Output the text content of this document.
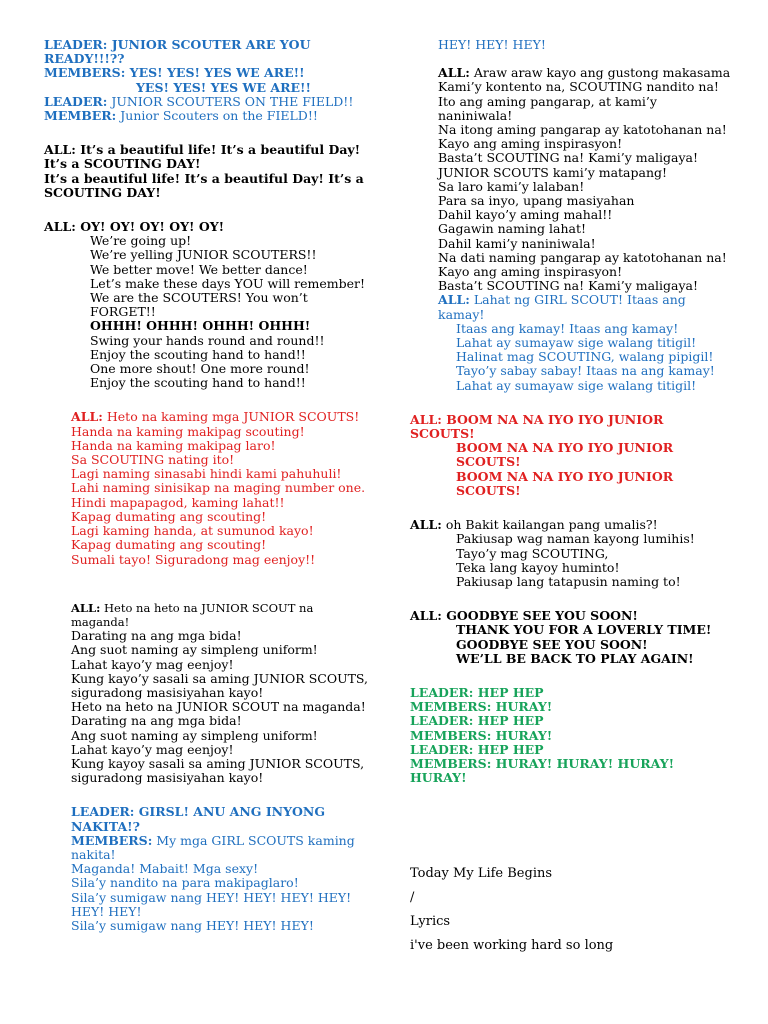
LEADER: JUNIOR SCOUTER ARE YOU READY!!!??

MEMBERS: YES! YES! YES WE ARE!!

YES! YES! YES WE ARE!!

LEADER: JUNIOR SCOUTERS ON THE FIELD!!

MEMBER: Junior Scouters on the FIELD!!

ALL: It’s a beautiful life! It’s a beautiful Day! It’s a SCOUTING DAY!

It’s a beautiful life! It’s a beautiful Day! It’s a SCOUTING DAY!

ALL: OY! OY! OY! OY! OY!

We’re going up!

We’re yelling JUNIOR SCOUTERS!!

We better move! We better dance!

Let’s make these days YOU will remember!

We are the SCOUTERS! You won’t FORGET!!

OHHH! OHHH! OHHH! OHHH!

Swing your hands round and round!!

Enjoy the scouting hand to hand!!

One more shout! One more round!

Enjoy the scouting hand to hand!!

ALL: Heto na kaming mga JUNIOR SCOUTS!

Handa na kaming makipag scouting!

Handa na kaming makipag laro!

Sa SCOUTING nating ito!

Lagi naming sinasabi hindi kami pahuhuli!

Lahi naming sinisikap na maging number one.

Hindi mapapagod, kaming lahat!!

Kapag dumating ang scouting!

Lagi kaming handa, at sumunod kayo!

Kapag dumating ang scouting!

Sumali tayo! Siguradong mag eenjoy!!

ALL: Heto na heto na JUNIOR SCOUT na maganda!

Darating na ang mga bida!

Ang suot naming ay simpleng uniform!

Lahat kayo’y mag eenjoy!

Kung kayo’y sasali sa aming JUNIOR SCOUTS, siguradong masisiyahan kayo!

Heto na heto na JUNIOR SCOUT na maganda!

Darating na ang mga bida!

Ang suot naming ay simpleng uniform!

Lahat kayo’y mag eenjoy!

Kung kayoy sasali sa aming JUNIOR SCOUTS, siguradong masisiyahan kayo!

LEADER: GIRSL! ANU ANG INYONG NAKITA!?

MEMBERS: My mga GIRL SCOUTS kaming nakita!

Maganda! Mabait! Mga sexy!

Sila’y nandito na para makipaglaro!

Sila’y sumigaw nang HEY! HEY! HEY! HEY! HEY! HEY!

Sila’y sumigaw nang HEY! HEY! HEY!

HEY! HEY! HEY!

ALL: Araw araw kayo ang gustong makasama

Kami’y kontento na, SCOUTING nandito na!

Ito ang aming pangarap, at kami’y naniniwala!

Na itong aming pangarap ay katotohanan na!

Kayo ang aming inspirasyon!

Basta’t SCOUTING na! Kami’y maligaya!

JUNIOR SCOUTS kami’y matapang!

Sa laro kami’y lalaban!

Para sa inyo, upang masiyahan

Dahil kayo’y aming mahal!!

Gagawin naming lahat!

Dahil kami’y naniniwala!

Na dati naming pangarap ay katotohanan na!

Kayo ang aming inspirasyon!

Basta’t SCOUTING na! Kami’y maligaya!

ALL: Lahat ng GIRL SCOUT! Itaas ang kamay!

Itaas ang kamay! Itaas ang kamay!

Lahat ay sumayaw sige walang titigil!

Halinat mag SCOUTING, walang pipigil!

Tayo’y sabay sabay! Itaas na ang kamay!

Lahat ay sumayaw sige walang titigil!

ALL: BOOM NA NA IYO IYO JUNIOR SCOUTS!

BOOM NA NA IYO IYO JUNIOR SCOUTS!

BOOM NA NA IYO IYO JUNIOR SCOUTS!

ALL: oh Bakit kailangan pang umalis?!

Pakiusap wag naman kayong lumihis!

Tayo’y mag SCOUTING,

Teka lang kayoy huminto!

Pakiusap lang tatapusin naming to!

ALL: GOODBYE SEE YOU SOON!

THANK YOU FOR A LOVERLY TIME!

GOODBYE SEE YOU SOON!

WE’LL BE BACK TO PLAY AGAIN!

LEADER: HEP HEP

MEMBERS: HURAY!

LEADER: HEP HEP

MEMBERS: HURAY!

LEADER: HEP HEP

MEMBERS: HURAY! HURAY! HURAY! HURAY!

Today My Life Begins

/

Lyrics

i've been working hard so long
